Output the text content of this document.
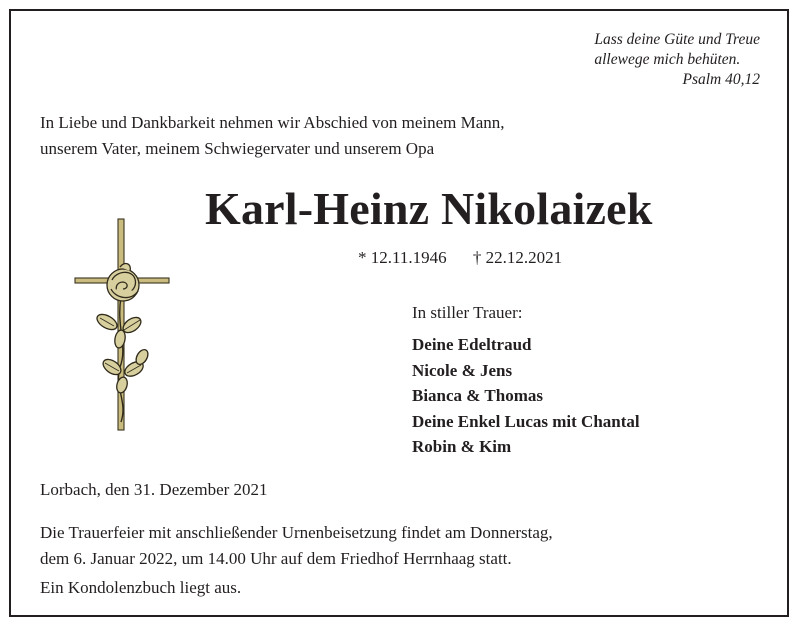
Lass deine Güte und Treue
allewege mich behüten.
Psalm 40,12
In Liebe und Dankbarkeit nehmen wir Abschied von meinem Mann,
unserem Vater, meinem Schwiegervater und unserem Opa
Karl-Heinz Nikolaizek
* 12.11.1946 † 22.12.2021
In stiller Trauer:
Deine Edeltraud
Nicole & Jens
Bianca & Thomas
Deine Enkel Lucas mit Chantal
Robin & Kim
Lorbach, den 31. Dezember 2021
Die Trauerfeier mit anschließender Urnenbeisetzung findet am Donnerstag,
dem 6. Januar 2022, um 14.00 Uhr auf dem Friedhof Herrnhaag statt.
Ein Kondolenzbuch liegt aus.
